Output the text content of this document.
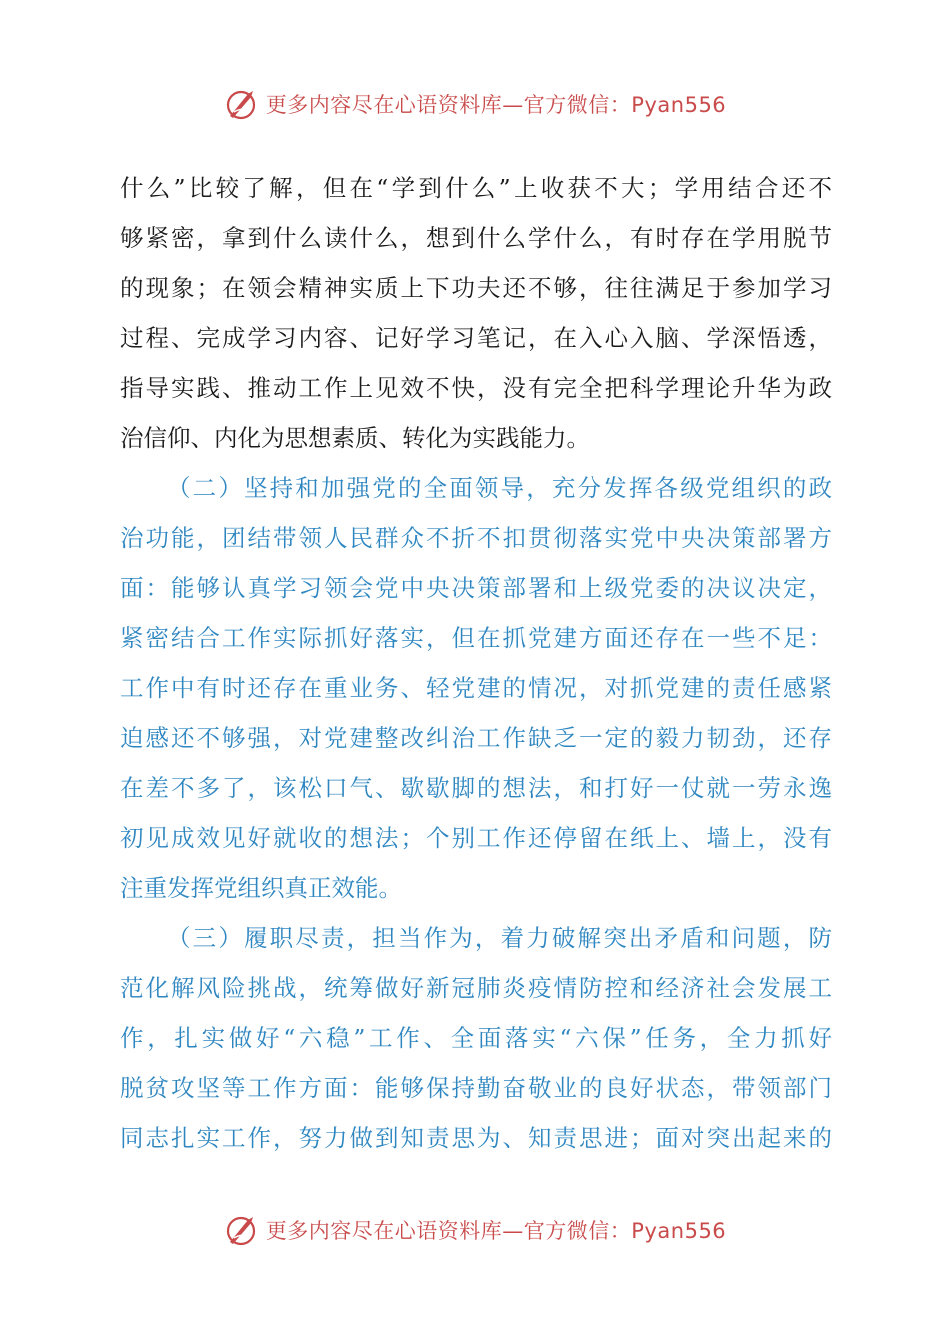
更多内容尽在心语资料库—官方微信：Pyan556
什么”比较了解，但在“学到什么”上收获不大；学用结合还不
够紧密，拿到什么读什么，想到什么学什么，有时存在学用脱节
的现象；在领会精神实质上下功夫还不够，往往满足于参加学习
过程、完成学习内容、记好学习笔记，在入心入脑、学深悟透，
指导实践、推动工作上见效不快，没有完全把科学理论升华为政
治信仰、内化为思想素质、转化为实践能力。
（二）坚持和加强党的全面领导，充分发挥各级党组织的政
治功能，团结带领人民群众不折不扣贯彻落实党中央决策部署方
面：能够认真学习领会党中央决策部署和上级党委的决议决定，
紧密结合工作实际抓好落实，但在抓党建方面还存在一些不足：
工作中有时还存在重业务、轻党建的情况，对抓党建的责任感紧
迫感还不够强，对党建整改纠治工作缺乏一定的毅力韧劲，还存
在差不多了，该松口气、歇歇脚的想法，和打好一仗就一劳永逸
初见成效见好就收的想法；个别工作还停留在纸上、墙上，没有
注重发挥党组织真正效能。
（三）履职尽责，担当作为，着力破解突出矛盾和问题，防
范化解风险挑战，统筹做好新冠肺炎疫情防控和经济社会发展工
作，扎实做好“六稳”工作、全面落实“六保”任务，全力抓好
脱贫攻坚等工作方面：能够保持勤奋敬业的良好状态，带领部门
同志扎实工作，努力做到知责思为、知责思进；面对突出起来的
更多内容尽在心语资料库—官方微信：Pyan556
